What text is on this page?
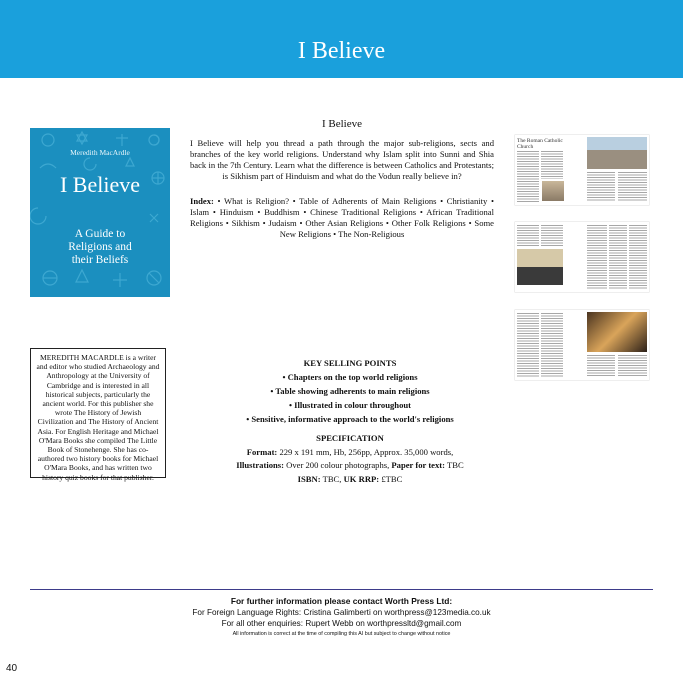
I Believe
Meredith MacArdle
I Believe
A Guide to
Religions and
their Beliefs
I Believe
I Believe will help you thread a path through the major sub-religions, sects and branches of the key world religions. Understand why Islam split into Sunni and Shia back in the 7th Century. Learn what the difference is between Catholics and Protestants; is Sikhism part of Hinduism and what do the Vodun really believe in?
Index: • What is Religion? • Table of Adherents of Main Religions • Christianity • Islam • Hinduism • Buddhism • Chinese Traditional Religions • African Traditional Religions • Sikhism • Judaism • Other Asian Religions • Other Folk Religions • Some New Religions • The Non-Religious
The Roman Catholic Church
MEREDITH MACARDLE is a writer and editor who studied Archaeology and Anthropology at the University of Cambridge and is interested in all historical subjects, particularly the ancient world. For this publisher she wrote The History of Jewish Civilization and The History of Ancient Asia. For English Heritage and Michael O'Mara Books she compiled The Little Book of Stonehenge. She has co-authored two history books for Michael O'Mara Books, and has written two history quiz books for that publisher.
KEY SELLING POINTS
• Chapters on the top world religions
• Table showing adherents to main religions
• Illustrated in colour throughout
• Sensitive, informative approach to the world's religions
SPECIFICATION
Format: 229 x 191 mm, Hb, 256pp, Approx. 35,000 words,
Illustrations: Over 200 colour photographs, Paper for text: TBC
ISBN: TBC, UK RRP: £TBC
For further information please contact Worth Press Ltd:
For Foreign Language Rights: Cristina Galimberti on worthpress@123media.co.uk
For all other enquiries: Rupert Webb on worthpressltd@gmail.com
All information is correct at the time of compiling this AI but subject to change without notice
40
